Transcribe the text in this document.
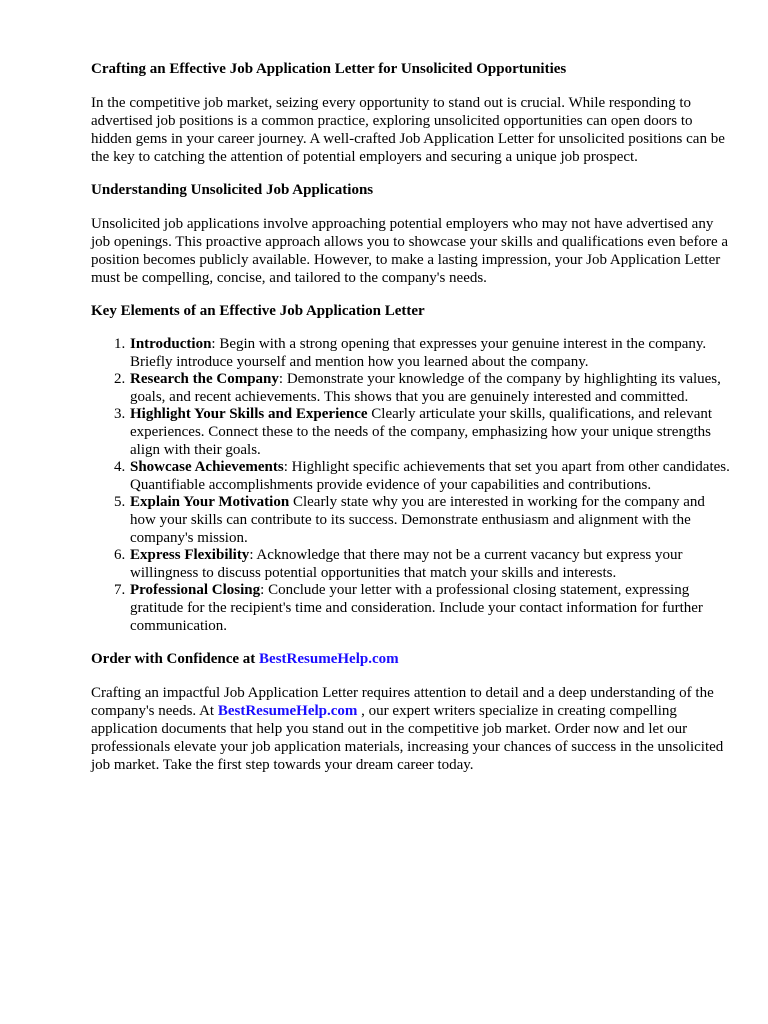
Crafting an Effective Job Application Letter for Unsolicited Opportunities

In the competitive job market, seizing every opportunity to stand out is crucial. While responding to advertised job positions is a common practice, exploring unsolicited opportunities can open doors to hidden gems in your career journey. A well-crafted Job Application Letter for unsolicited positions can be the key to catching the attention of potential employers and securing a unique job prospect.

Understanding Unsolicited Job Applications

Unsolicited job applications involve approaching potential employers who may not have advertised any job openings. This proactive approach allows you to showcase your skills and qualifications even before a position becomes publicly available. However, to make a lasting impression, your Job Application Letter must be compelling, concise, and tailored to the company's needs.

Key Elements of an Effective Job Application Letter
1. Introduction: Begin with a strong opening that expresses your genuine interest in the company. Briefly introduce yourself and mention how you learned about the company.
2. Research the Company: Demonstrate your knowledge of the company by highlighting its values, goals, and recent achievements. This shows that you are genuinely interested and committed.
3. Highlight Your Skills and Experience Clearly articulate your skills, qualifications, and relevant experiences. Connect these to the needs of the company, emphasizing how your unique strengths align with their goals.
4. Showcase Achievements: Highlight specific achievements that set you apart from other candidates. Quantifiable accomplishments provide evidence of your capabilities and contributions.
5. Explain Your Motivation Clearly state why you are interested in working for the company and how your skills can contribute to its success. Demonstrate enthusiasm and alignment with the company's mission.
6. Express Flexibility: Acknowledge that there may not be a current vacancy but express your willingness to discuss potential opportunities that match your skills and interests.
7. Professional Closing: Conclude your letter with a professional closing statement, expressing gratitude for the recipient's time and consideration. Include your contact information for further communication.
Order with Confidence at BestResumeHelp.com

Crafting an impactful Job Application Letter requires attention to detail and a deep understanding of the company's needs. At BestResumeHelp.com , our expert writers specialize in creating compelling application documents that help you stand out in the competitive job market. Order now and let our professionals elevate your job application materials, increasing your chances of success in the unsolicited job market. Take the first step towards your dream career today.
